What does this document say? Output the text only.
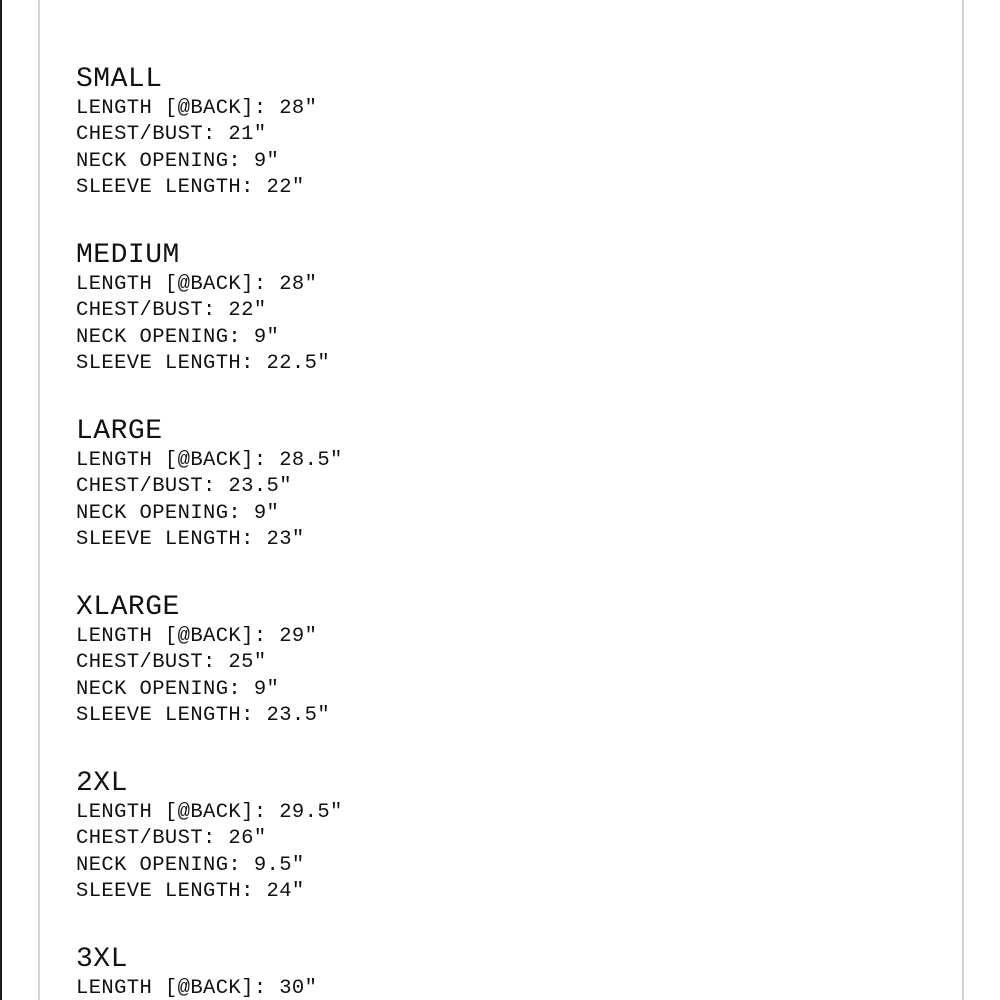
SMALL
LENGTH [@BACK]: 28″
CHEST/BUST: 21″
NECK OPENING: 9″
SLEEVE LENGTH: 22″
MEDIUM
LENGTH [@BACK]: 28″
CHEST/BUST: 22″
NECK OPENING: 9″
SLEEVE LENGTH: 22.5″
LARGE
LENGTH [@BACK]: 28.5″
CHEST/BUST: 23.5″
NECK OPENING: 9″
SLEEVE LENGTH: 23″
XLARGE
LENGTH [@BACK]: 29″
CHEST/BUST: 25″
NECK OPENING: 9″
SLEEVE LENGTH: 23.5″
2XL
LENGTH [@BACK]: 29.5″
CHEST/BUST: 26″
NECK OPENING: 9.5″
SLEEVE LENGTH: 24″
3XL
LENGTH [@BACK]: 30″
